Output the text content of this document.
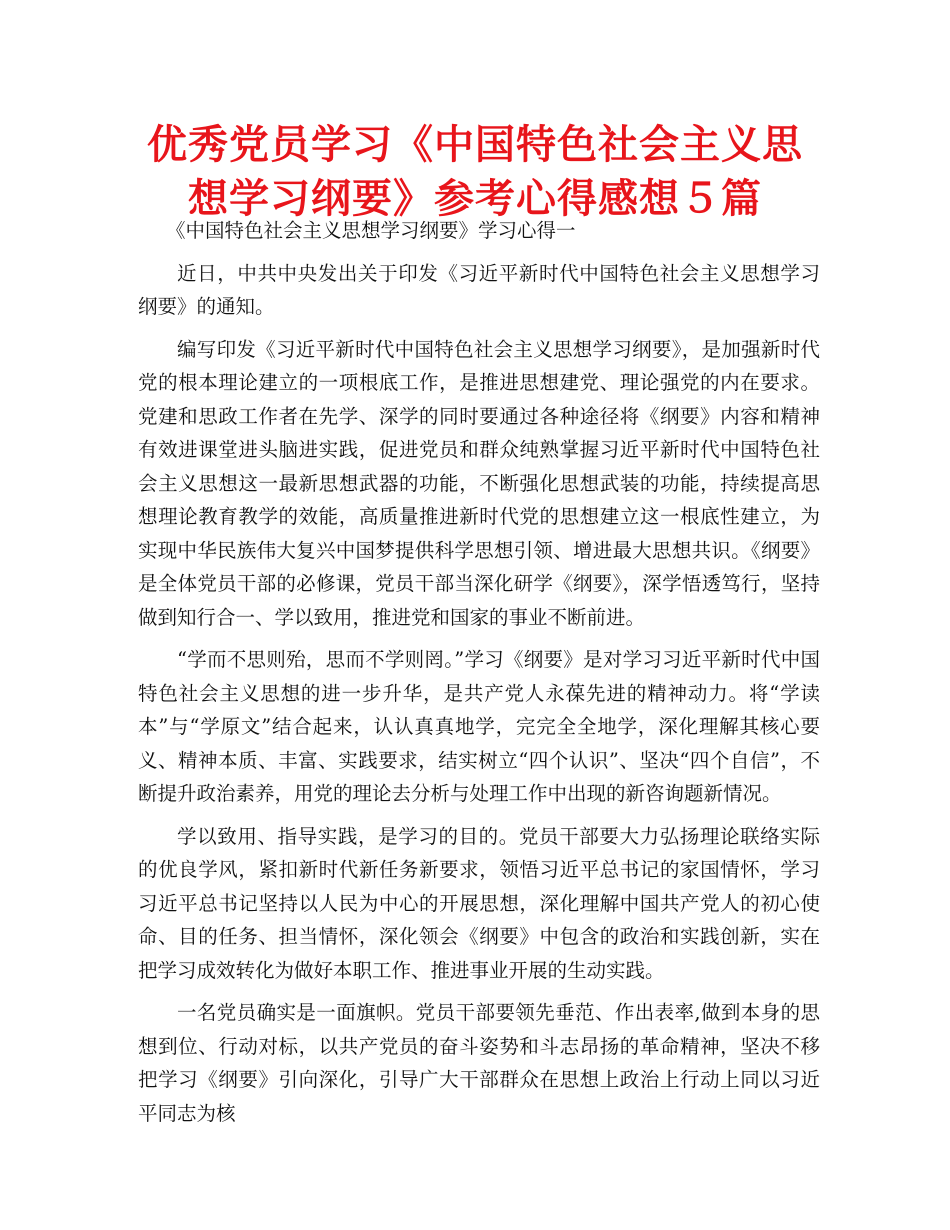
优秀党员学习《中国特色社会主义思想学习纲要》参考心得感想５篇

《中国特色社会主义思想学习纲要》学习心得一

近日，中共中央发出关于印发《习近平新时代中国特色社会主义思想学习纲要》的通知。

编写印发《习近平新时代中国特色社会主义思想学习纲要》，是加强新时代党的根本理论建立的一项根底工作，是推进思想建党、理论强党的内在要求。党建和思政工作者在先学、深学的同时要通过各种途径将《纲要》内容和精神有效进课堂进头脑进实践，促进党员和群众纯熟掌握习近平新时代中国特色社会主义思想这一最新思想武器的功能，不断强化思想武装的功能，持续提高思想理论教育教学的效能，高质量推进新时代党的思想建立这一根底性建立，为实现中华民族伟大复兴中国梦提供科学思想引领、增进最大思想共识。《纲要》是全体党员干部的必修课，党员干部当深化研学《纲要》，深学悟透笃行，坚持做到知行合一、学以致用，推进党和国家的事业不断前进。

“学而不思则殆，思而不学则罔。”学习《纲要》是对学习习近平新时代中国特色社会主义思想的进一步升华，是共产党人永葆先进的精神动力。将“学读本”与“学原文”结合起来，认认真真地学，完完全全地学，深化理解其核心要义、精神本质、丰富、实践要求，结实树立“四个认识”、坚决“四个自信”，不断提升政治素养，用党的理论去分析与处理工作中出现的新咨询题新情况。

学以致用、指导实践，是学习的目的。党员干部要大力弘扬理论联络实际的优良学风，紧扣新时代新任务新要求，领悟习近平总书记的家国情怀，学习习近平总书记坚持以人民为中心的开展思想，深化理解中国共产党人的初心使命、目的任务、担当情怀，深化领会《纲要》中包含的政治和实践创新，实在把学习成效转化为做好本职工作、推进事业开展的生动实践。

一名党员确实是一面旗帜。党员干部要领先垂范、作出表率,做到本身的思想到位、行动对标，以共产党员的奋斗姿势和斗志昂扬的革命精神，坚决不移把学习《纲要》引向深化，引导广大干部群众在思想上政治上行动上同以习近平同志为核
